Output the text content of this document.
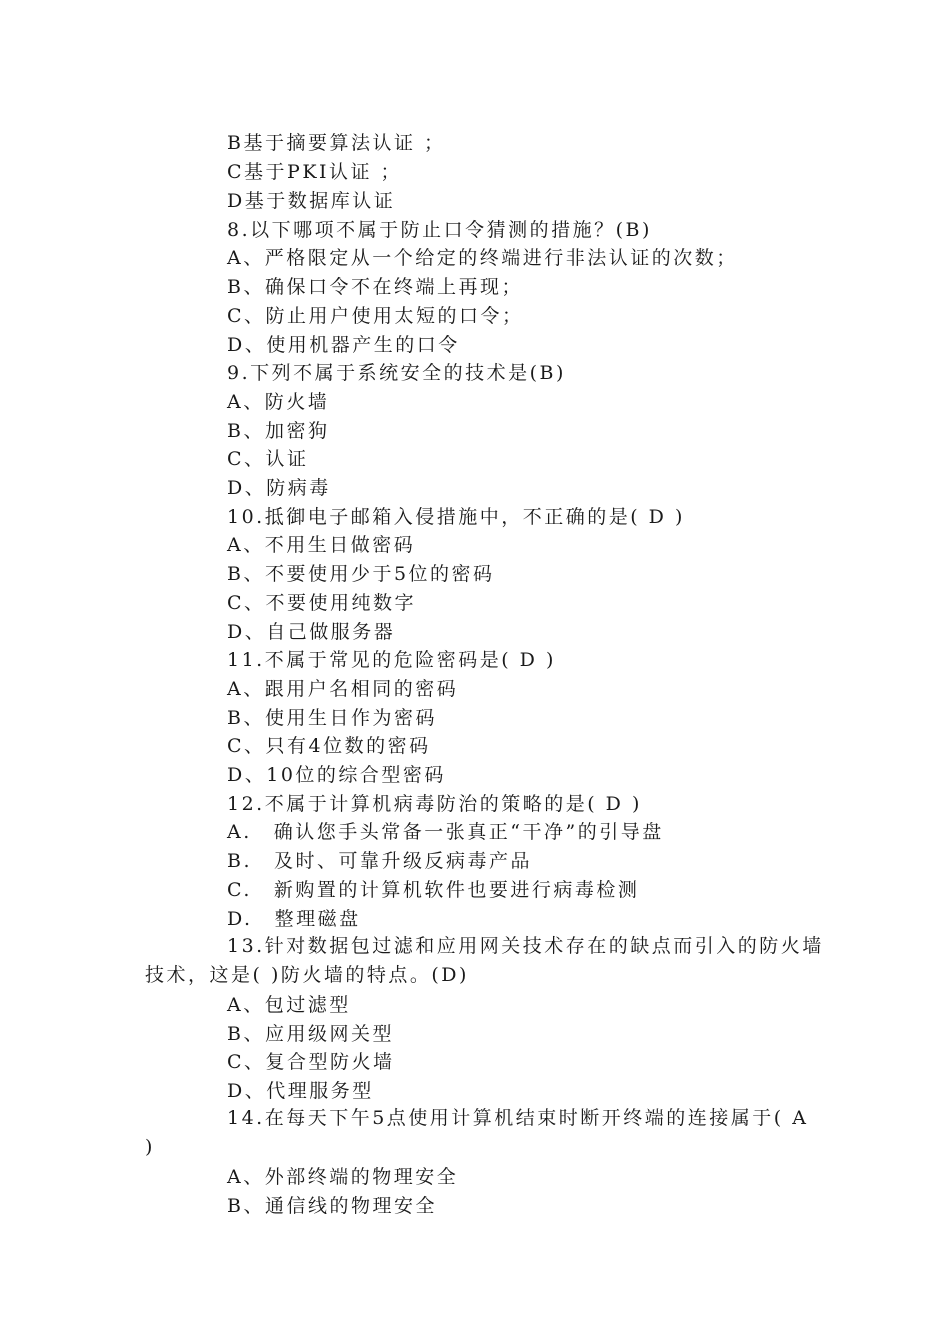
B基于摘要算法认证 ；
C基于PKI认证 ；
D基于数据库认证
8.以下哪项不属于防止口令猜测的措施？(B)
A、严格限定从一个给定的终端进行非法认证的次数；
B、确保口令不在终端上再现；
C、防止用户使用太短的口令；
D、使用机器产生的口令
9.下列不属于系统安全的技术是(B)
A、防火墙
B、加密狗
C、认证
D、防病毒
10.抵御电子邮箱入侵措施中，不正确的是( D )
A、不用生日做密码
B、不要使用少于5位的密码
C、不要使用纯数字
D、自己做服务器
11.不属于常见的危险密码是( D )
A、跟用户名相同的密码
B、使用生日作为密码
C、只有4位数的密码
D、10位的综合型密码
12.不属于计算机病毒防治的策略的是( D )
A. 确认您手头常备一张真正“干净”的引导盘
B. 及时、可靠升级反病毒产品
C. 新购置的计算机软件也要进行病毒检测
D. 整理磁盘
13.针对数据包过滤和应用网关技术存在的缺点而引入的防火墙技术，这是( )防火墙的特点。(D)
A、包过滤型
B、应用级网关型
C、复合型防火墙
D、代理服务型
14.在每天下午5点使用计算机结束时断开终端的连接属于( A )
A、外部终端的物理安全
B、通信线的物理安全
